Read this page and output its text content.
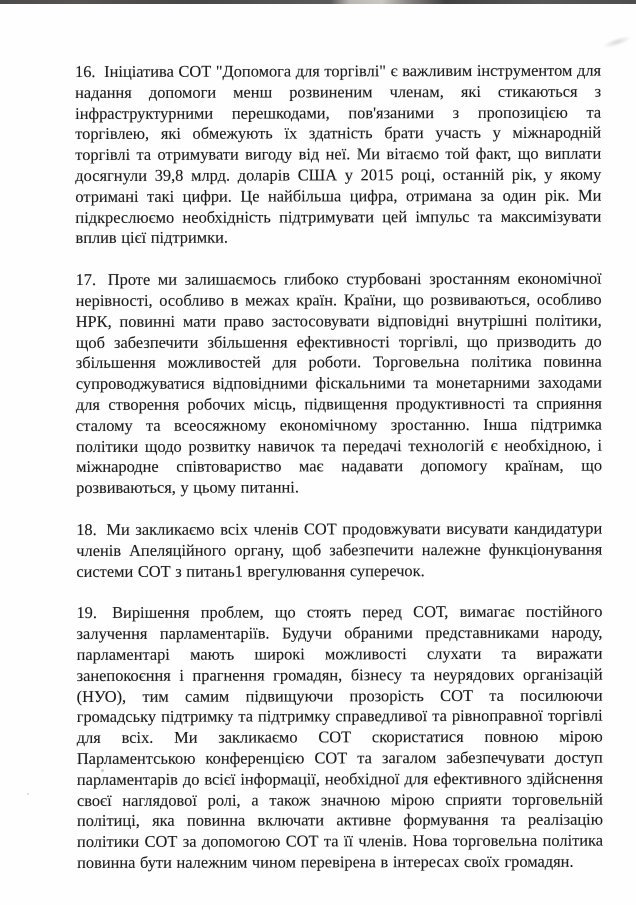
16. Ініціатива СОТ "Допомога для торгівлі" є важливим інструментом для надання допомоги менш розвиненим членам, які стикаються з інфраструктурними перешкодами, пов'язаними з пропозицією та торгівлею, які обмежують їх здатність брати участь у міжнародній торгівлі та отримувати вигоду від неї. Ми вітаємо той факт, що виплати досягнули 39,8 млрд. доларів США у 2015 році, останній рік, у якому отримані такі цифри. Це найбільша цифра, отримана за один рік. Ми підкреслюємо необхідність підтримувати цей імпульс та максимізувати вплив цієї підтримки.

17. Проте ми залишаємось глибоко стурбовані зростанням економічної нерівності, особливо в межах країн. Країни, що розвиваються, особливо НРК, повинні мати право застосовувати відповідні внутрішні політики, щоб забезпечити збільшення ефективності торгівлі, що призводить до збільшення можливостей для роботи. Торговельна політика повинна супроводжуватися відповідними фіскальними та монетарними заходами для створення робочих місць, підвищення продуктивності та сприяння сталому та всеосяжному економічному зростанню. Інша підтримка політики щодо розвитку навичок та передачі технологій є необхідною, і міжнародне співтовариство має надавати допомогу країнам, що розвиваються, у цьому питанні.

18. Ми закликаємо всіх членів СОТ продовжувати висувати кандидатури членів Апеляційного органу, щоб забезпечити належне функціонування системи СОТ з питань1 врегулювання суперечок.

19. Вирішення проблем, що стоять перед СОТ, вимагає постійного залучення парламентаріїв. Будучи обраними представниками народу, парламентарі мають широкі можливості слухати та виражати занепокоєння і прагнення громадян, бізнесу та неурядових організацій (НУО), тим самим підвищуючи прозорість СОТ та посилюючи громадську підтримку та підтримку справедливої та рівноправної торгівлі для всіх. Ми закликаємо СОТ скористатися повною мірою Парламентською конференцією СОТ та загалом забезпечувати доступ парламентарів до всієї інформації, необхідної для ефективного здійснення своєї наглядової ролі, а також значною мірою сприяти торговельній політиці, яка повинна включати активне формування та реалізацію політики СОТ за допомогою СОТ та її членів. Нова торговельна політика повинна бути належним чином перевірена в інтересах своїх громадян.
